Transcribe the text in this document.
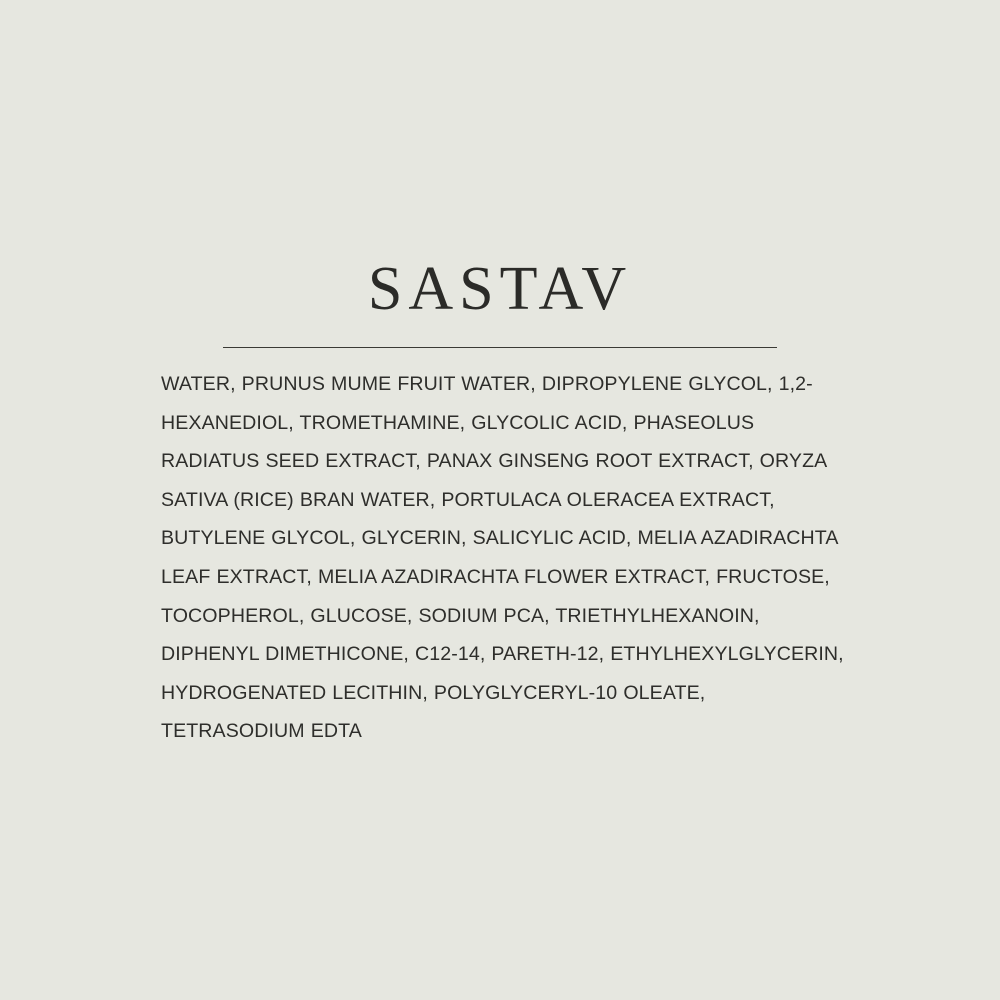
SASTAV
WATER, PRUNUS MUME FRUIT WATER, DIPROPYLENE GLYCOL, 1,2-HEXANEDIOL, TROMETHAMINE, GLYCOLIC ACID, PHASEOLUS RADIATUS SEED EXTRACT, PANAX GINSENG ROOT EXTRACT, ORYZA SATIVA (RICE) BRAN WATER, PORTULACA OLERACEA EXTRACT, BUTYLENE GLYCOL, GLYCERIN, SALICYLIC ACID, MELIA AZADIRACHTA LEAF EXTRACT, MELIA AZADIRACHTA FLOWER EXTRACT, FRUCTOSE, TOCOPHEROL, GLUCOSE, SODIUM PCA, TRIETHYLHEXANOIN, DIPHENYL DIMETHICONE, C12-14, PARETH-12, ETHYLHEXYLGLYCERIN, HYDROGENATED LECITHIN, POLYGLYCERYL-10 OLEATE, TETRASODIUM EDTA
